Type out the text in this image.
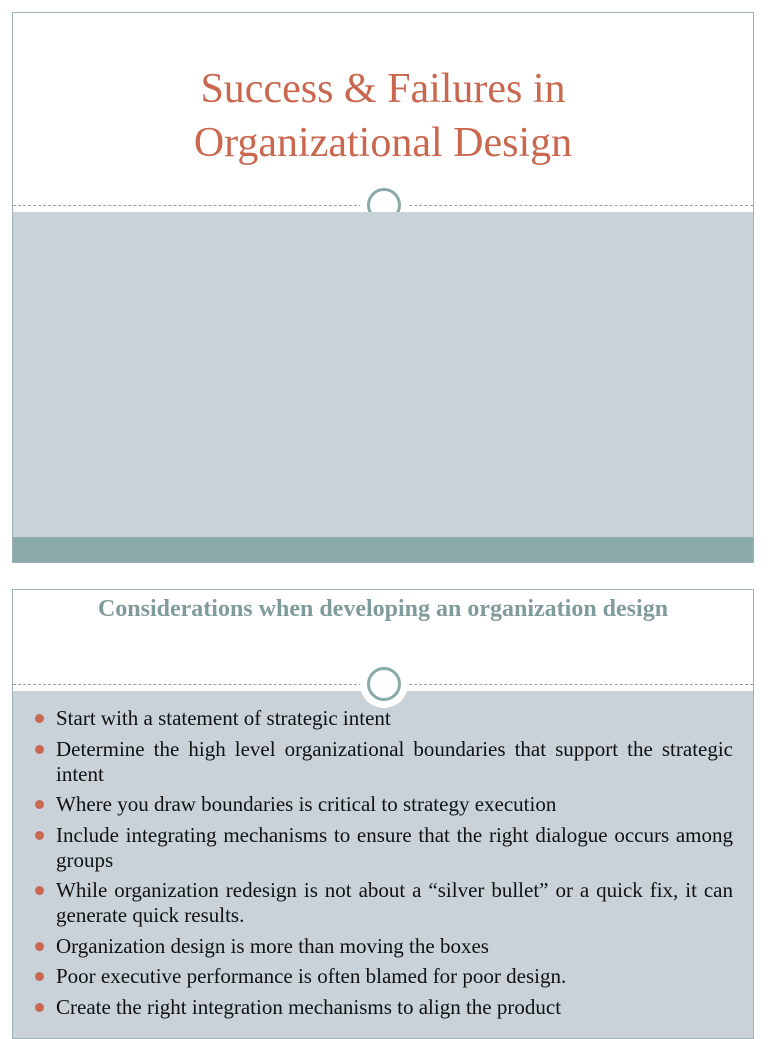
Success & Failures in Organizational Design
Considerations when developing an organization design
Start with a statement of strategic intent
Determine the high level organizational boundaries that support the strategic intent
Where you draw boundaries is critical to strategy execution
Include integrating mechanisms to ensure that the right dialogue occurs among groups
While organization redesign is not about a “silver bullet” or a quick fix, it can generate quick results.
Organization design is more than moving the boxes
Poor executive performance is often blamed for poor design.
Create the right integration mechanisms to align the product
